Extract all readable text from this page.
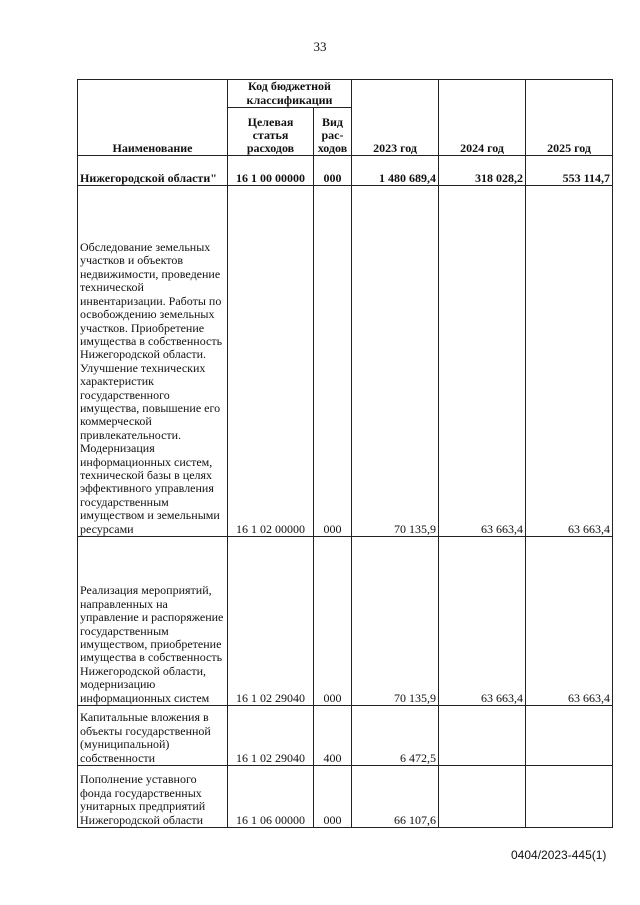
33
Наименование	Код бюджетной классификации		2023 год	2024 год	2025 год
	Целевая статья расходов	Вид рас-ходов			
Нижегородской области"	16 1 00 00000	000	1 480 689,4	318 028,2	553 114,7
Обследование земельных участков и объектов недвижимости, проведение технической инвентаризации. Работы по освобождению земельных участков. Приобретение имущества в собственность Нижегородской области. Улучшение технических характеристик государственного имущества, повышение его коммерческой привлекательности. Модернизация информационных систем, технической базы в целях эффективного управления государственным имуществом и земельными ресурсами	16 1 02 00000	000	70 135,9	63 663,4	63 663,4
Реализация мероприятий, направленных на управление и распоряжение государственным имуществом, приобретение имущества в собственность Нижегородской области, модернизацию информационных систем	16 1 02 29040	000	70 135,9	63 663,4	63 663,4
Капитальные вложения в объекты государственной (муниципальной) собственности	16 1 02 29040	400	6 472,5		
Пополнение уставного фонда государственных унитарных предприятий Нижегородской области	16 1 06 00000	000	66 107,6		
0404/2023-445(1)
